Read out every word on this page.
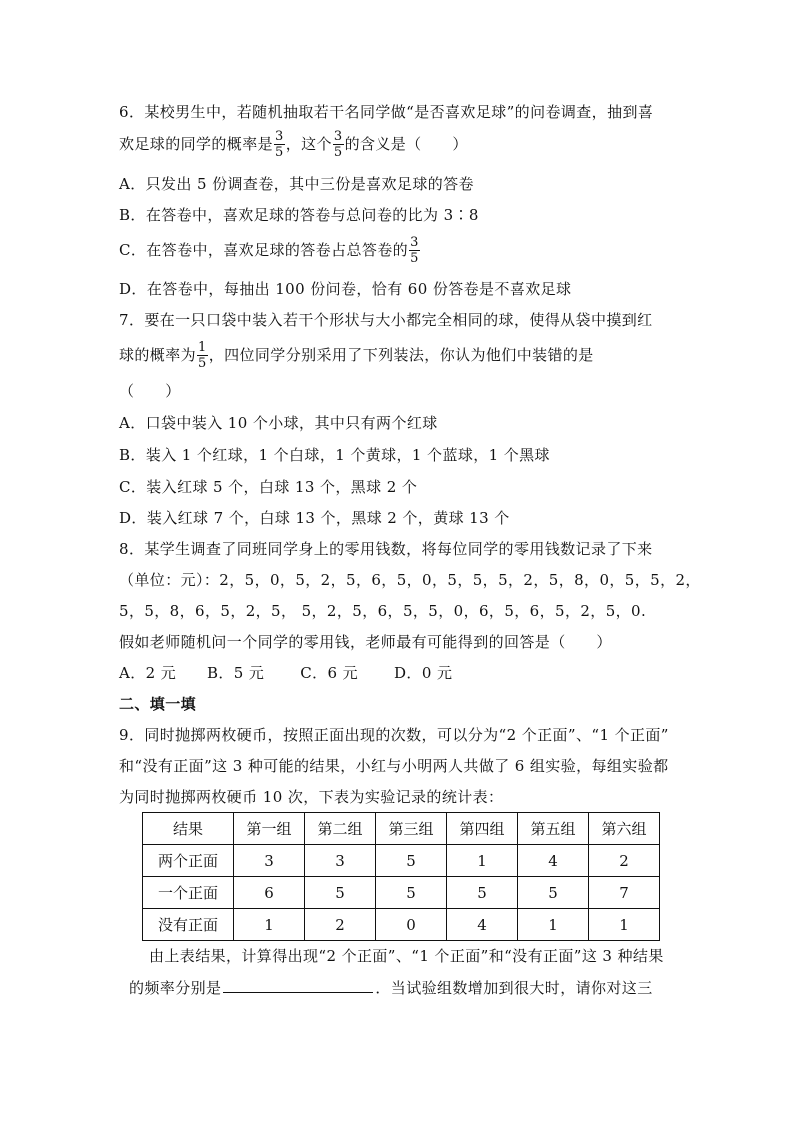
6．某校男生中，若随机抽取若干名同学做“是否喜欢足球”的问卷调查，抽到喜
欢足球的同学的概率是 $\frac{3}{5}$ ，这个 $\frac{3}{5}$ 的含义是（　　）
A．只发出 5 份调查卷，其中三份是喜欢足球的答卷
B．在答卷中，喜欢足球的答卷与总问卷的比为 3∶8
C．在答卷中，喜欢足球的答卷占总答卷的 $\frac{3}{5}$
D．在答卷中，每抽出 100 份问卷，恰有 60 份答卷是不喜欢足球
7．要在一只口袋中装入若干个形状与大小都完全相同的球，使得从袋中摸到红
球的概率为 $\frac{1}{5}$ ，四位同学分别采用了下列装法，你认为他们中装错的是
（　　）
A．口袋中装入 10 个小球，其中只有两个红球
B．装入 1 个红球，1 个白球，1 个黄球，1 个蓝球，1 个黑球
C．装入红球 5 个，白球 13 个，黑球 2 个
D．装入红球 7 个，白球 13 个，黑球 2 个，黄球 13 个
8．某学生调查了同班同学身上的零用钱数，将每位同学的零用钱数记录了下来
（单位：元）：2，5，0，5，2，5，6，5，0，5，5，5，2，5，8，0，5，5，2，
5，5，8，6，5，2，5， 5，2，5，6，5，5，0，6，5，6，5，2，5，0.
假如老师随机问一个同学的零用钱，老师最有可能得到的回答是（　　）
A．2 元　　B．5 元　　 C．6 元　　 D．0 元
二、填一填
9．同时抛掷两枚硬币，按照正面出现的次数，可以分为“2 个正面”、“1 个正面”
和“没有正面”这 3 种可能的结果，小红与小明两人共做了 6 组实验，每组实验都
为同时抛掷两枚硬币 10 次，下表为实验记录的统计表：
结果	第一组	第二组	第三组	第四组	第五组	第六组
两个正面	3	3	5	1	4	2
一个正面	6	5	5	5	5	7
没有正面	1	2	0	4	1	1
由上表结果，计算得出现“2 个正面”、“1 个正面”和“没有正面”这 3 种结果
的频率分别是	．当试验组数增加到很大时，请你对这三
